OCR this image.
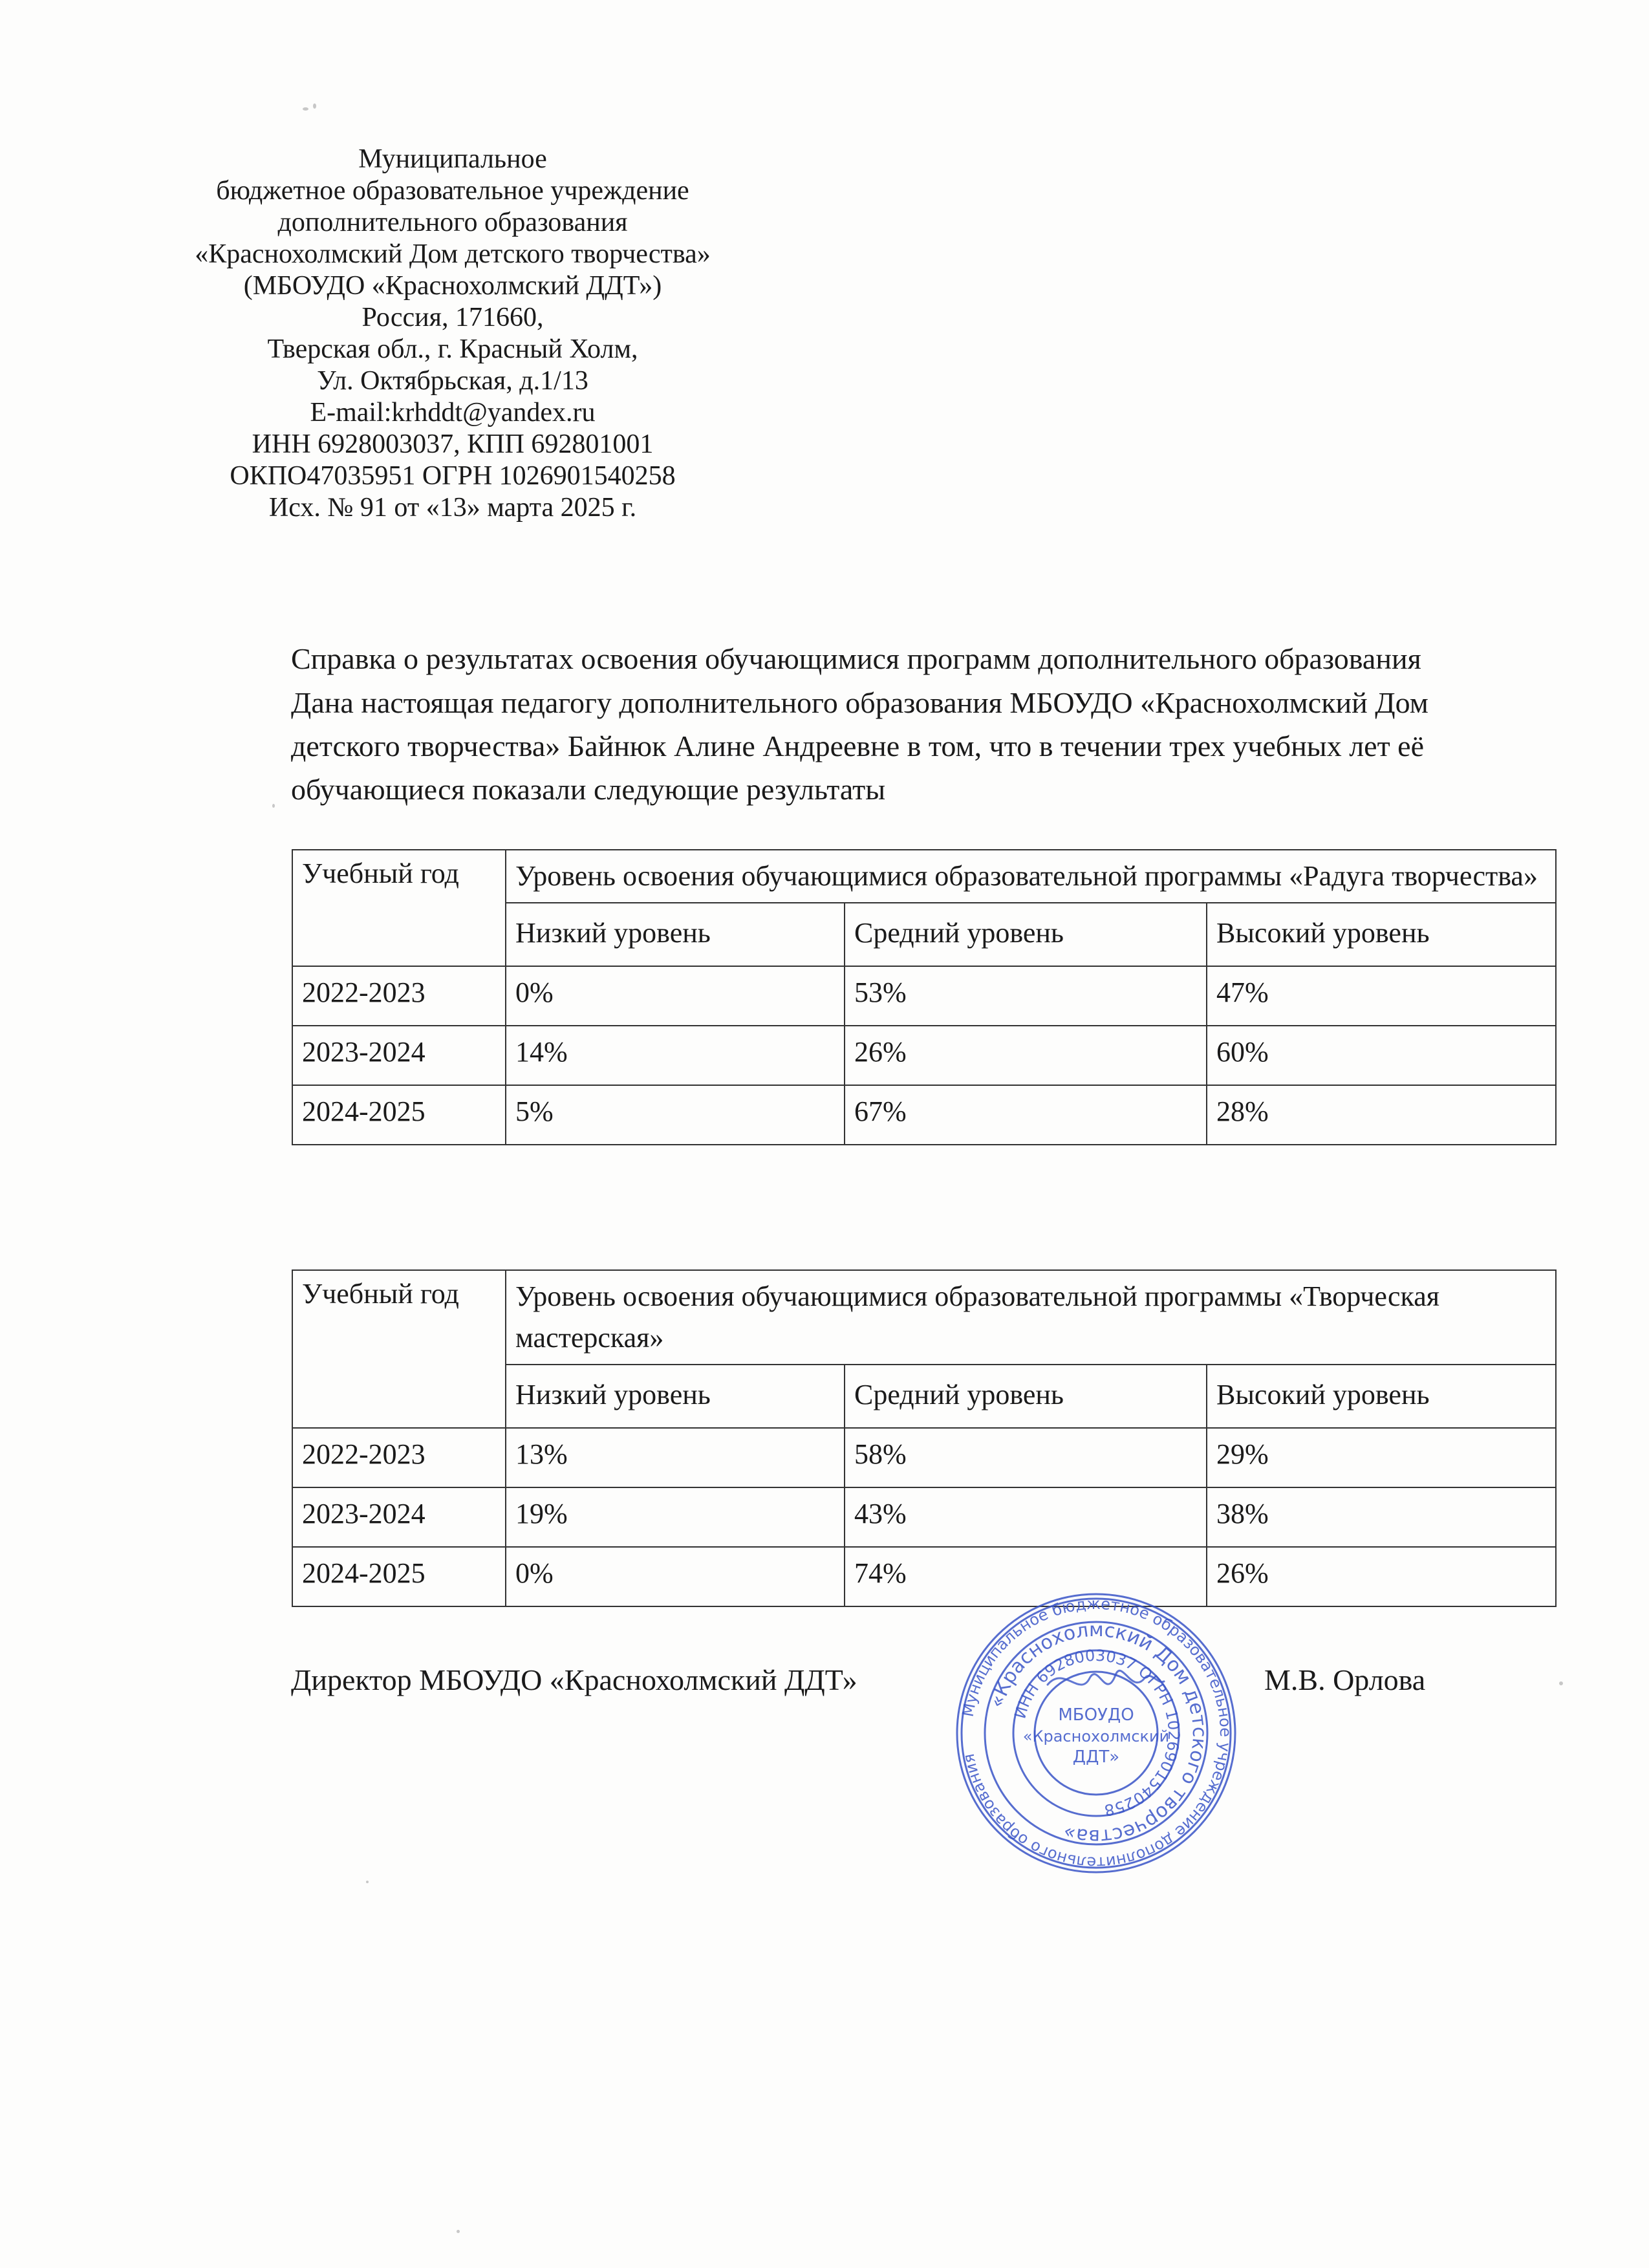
Муниципальное
бюджетное образовательное учреждение
дополнительного образования
«Краснохолмский Дом детского творчества»
(МБОУДО «Краснохолмский ДДТ»)
Россия, 171660,
Тверская обл., г. Красный Холм,
Ул. Октябрьская, д.1/13
E-mail:krhddt@yandex.ru
ИНН 6928003037, КПП 692801001
ОКПО47035951 ОГРН 1026901540258
Исх. № 91 от «13» марта 2025 г.
Справка о результатах освоения обучающимися программ дополнительного образования
Дана настоящая педагогу дополнительного образования МБОУДО «Краснохолмский Дом
детского творчества» Байнюк Алине Андреевне в том, что в течении трех учебных лет её
обучающиеся показали следующие результаты
Учебный год	Уровень освоения обучающимися образовательной программы «Радуга творчества»		
	Низкий уровень	Средний уровень	Высокий уровень
2022-2023	0%	53%	47%
2023-2024	14%	26%	60%
2024-2025	5%	67%	28%
Учебный год	Уровень освоения обучающимися образовательной программы «Творческая мастерская»		
	Низкий уровень	Средний уровень	Высокий уровень
2022-2023	13%	58%	29%
2023-2024	19%	43%	38%
2024-2025	0%	74%	26%
Директор МБОУДО «Краснохолмский ДДТ»	М.В. Орлова
Муниципальное бюджетное образовательное учреждение дополнительного образования
«Краснохолмский Дом детского творчества»
ИНН 6928003037 ОГРН 1026901540258
МБОУДО
«Краснохолмский
ДДТ»
